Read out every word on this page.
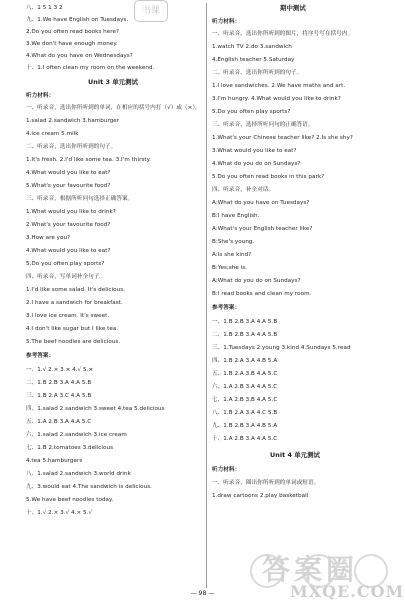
书课
八、1 5 1 3 2
九、1.We have English on Tuesdays.
2.Do you often read books here?
3.We don't have enough money.
4.What do you have on Wednesdays?
十、1.I often clean my room on the weekend.
Unit 3 单元测试
听力材料：
一、听录音，选出你所听到的单词，在相应的括号内打（√）或（×）。
1.salad 2.sandwich 3.hamburger
4.ice cream 5.milk
二、听录音，选出你所听到的句子。
1.It's fresh. 2.I'd like some tea. 3.I'm thirsty.
4.What would you like to eat?
5.What's your favourite food?
三、听录音，根据所听问句选择正确答案。
1.What would you like to drink?
2.What's your favourite food?
3.How are you?
4.What would you like to eat?
5.Do you often play sports?
四、听录音，写单词补全句子。
1.I'd like some salad. It's delicious.
2.I have a sandwich for breakfast.
3.I love ice cream. It's sweet.
4.I don't like sugar but I like tea.
5.The beef noodles are delicious.
参考答案：
一、1.√ 2.× 3.× 4.√ 5.×
二、1.B 2.B 3.A 4.A 5.B
三、1.B 2.A 3.C 4.A 5.B
四、1.salad 2.sandwich 3.sweet 4.tea 5.delicious
五、1.A 2.B 3.A 4.A 5.C
六、1.salad 2.sandwich 3.ice cream
七、1.B 2.tomatoes 3.delicious
4.tea 5.hamburgers
八、1.salad 2.sandwich 3.world drink
九、3.would eat 4.The sandwich is delicious.
5.We have beef noodles today.
十、1.√ 2.× 3.√ 4.× 5.√
期中测试
听力材料：
一、听录音，选出你所听到的图片，将序号写在括号内。
1.watch TV 2.do 3.sandwich
4.English teacher 5.Saturday
二、听录音，选出你所听到的句子。
1.I love sandwiches. 2.We have maths and art.
3.I'm hungry. 4.What would you like to drink?
5.Do you often play sports?
三、听录音，选择所听问句的正确答语。
1.What's your Chinese teacher like? 2.Is she shy?
3.What would you like to eat?
4.What do you do on Sundays?
5.Do you often read books in this park?
四、听录音，补全对话。
A:What do you have on Tuesdays?
B:I have English.
A:What's your English teacher like?
B:She's young.
A:Is she kind?
B:Yes,she is.
A:What do you do on Sundays?
B:I read books and clean my room.
参考答案：
一、1.B 2.B 3.A 4.A 5.B
二、1.B 2.B 3.A 4.A 5.B
三、1.Tuesdays 2.young 3.kind 4.Sundays 5.read
四、1.B 2.A 3.A 4.B 5.A
五、1.B 2.A 3.B 4.A 5.C
六、1.A 2.B 3.A 4.A 5.C
七、1.A 2.B 3.B 4.A 5.C
八、1.B 2.A 3.A 4.C 5.B
九、1.B 2.B 3.A 4.B 5.A
十、1.A 2.B 3.A 4.A 5.C
Unit 4 单元测试
听力材料：
一、听录音，圈出你所听到的单词或短语。
1.draw cartoons 2.play basketball
答案圈
MXQE.COM
— 98 —
